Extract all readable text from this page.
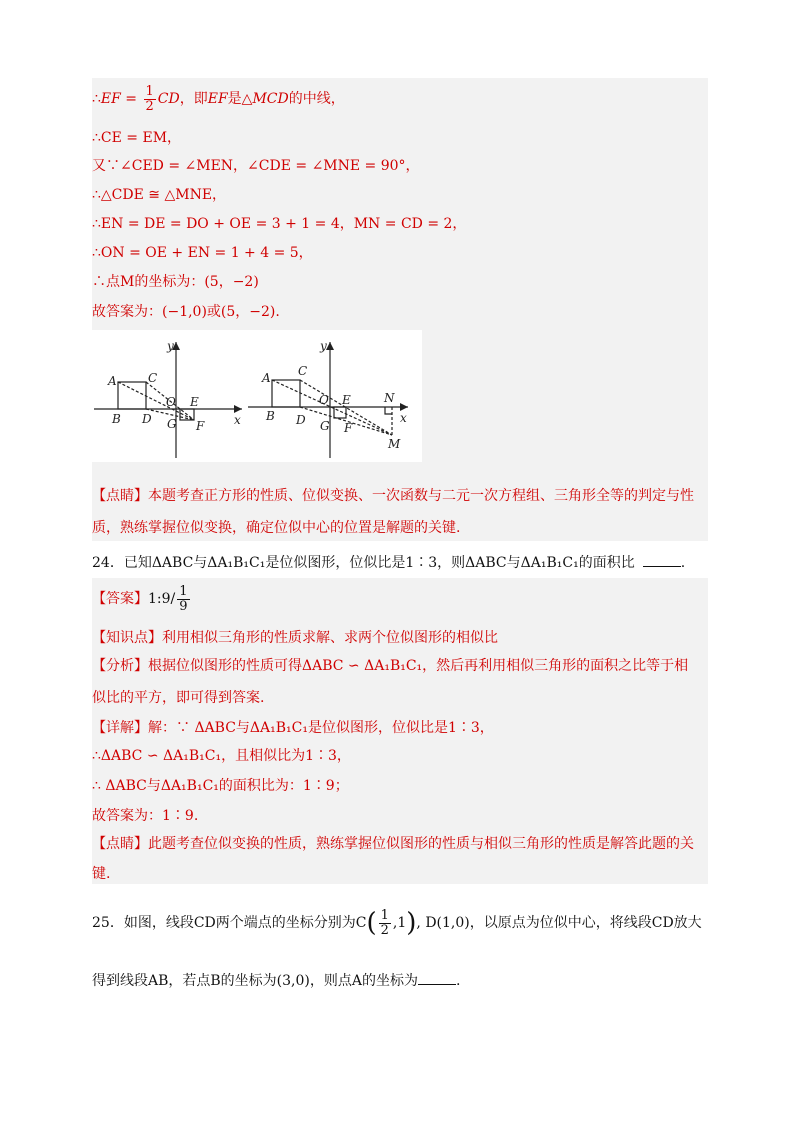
∴EF = $\frac{1}{2}$ CD，即EF是△MCD的中线，
∴CE = EM，
又∵∠CED = ∠MEN，∠CDE = ∠MNE = 90°，
∴△CDE ≅ △MNE，
∴EN = DE = DO + OE = 3 + 1 = 4，MN = CD = 2，
∴ON = OE + EN = 1 + 4 = 5，
∴点M的坐标为：(5，−2)
故答案为：(−1,0)或(5，−2).
y
x
A	C
B D
O E
G F
y
x
A C
B D
O E
G F
N
M
【点睛】本题考查正方形的性质、位似变换、一次函数与二元一次方程组、三角形全等的判定与性
质，熟练掌握位似变换，确定位似中心的位置是解题的关键.
24．已知ΔABC与ΔA₁B₁C₁是位似图形，位似比是1∶3，则ΔABC与ΔA₁B₁C₁的面积比	.
【答案】1:9/ $\frac{1}{9}$
【知识点】利用相似三角形的性质求解、求两个位似图形的相似比
【分析】根据位似图形的性质可得ΔABC ∽ ΔA₁B₁C₁，然后再利用相似三角形的面积之比等于相
似比的平方，即可得到答案.
【详解】解：∵ ΔABC与ΔA₁B₁C₁是位似图形，位似比是1∶3，
∴ΔABC ∽ ΔA₁B₁C₁，且相似比为1∶3，
∴ ΔABC与ΔA₁B₁C₁的面积比为：1∶9；
故答案为：1∶9.
【点睛】此题考查位似变换的性质，熟练掌握位似图形的性质与相似三角形的性质是解答此题的关
键.
25．如图，线段CD两个端点的坐标分别为$C( \frac{1}{2} ,1)$, D(1,0)，以原点为位似中心，将线段CD放大
得到线段AB，若点B的坐标为(3,0)，则点A的坐标为	.
